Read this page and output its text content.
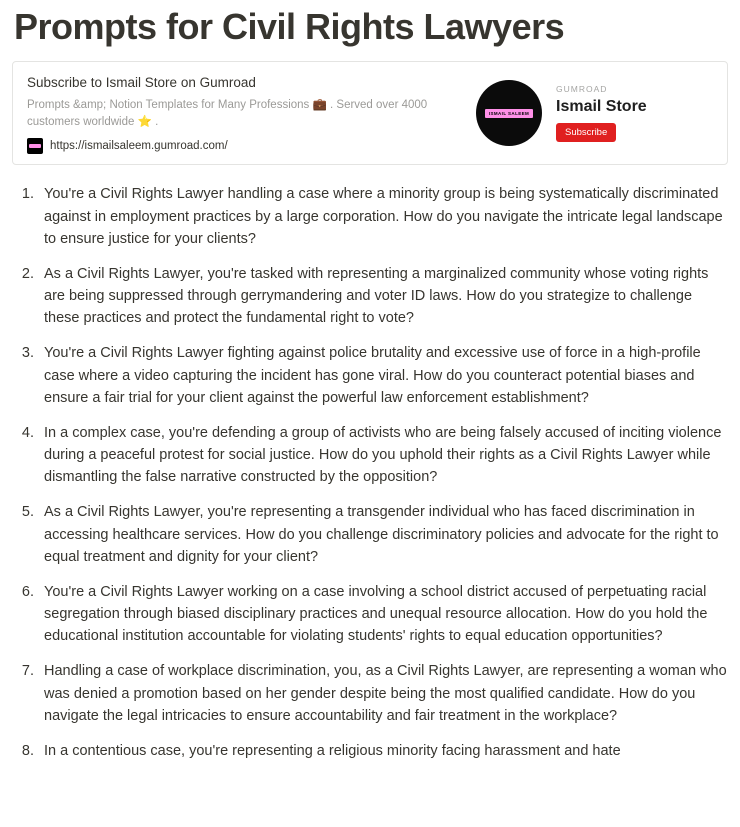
Prompts for Civil Rights Lawyers
Subscribe to Ismail Store on Gumroad
Prompts &amp; Notion Templates for Many Professions 💼 . Served over 4000 customers worldwide ⭐ .
https://ismailsaleem.gumroad.com/
ISMAIL SALEEM
GUMROAD
Ismail Store
Subscribe
1. You're a Civil Rights Lawyer handling a case where a minority group is being systematically discriminated against in employment practices by a large corporation. How do you navigate the intricate legal landscape to ensure justice for your clients?
2. As a Civil Rights Lawyer, you're tasked with representing a marginalized community whose voting rights are being suppressed through gerrymandering and voter ID laws. How do you strategize to challenge these practices and protect the fundamental right to vote?
3. You're a Civil Rights Lawyer fighting against police brutality and excessive use of force in a high-profile case where a video capturing the incident has gone viral. How do you counteract potential biases and ensure a fair trial for your client against the powerful law enforcement establishment?
4. In a complex case, you're defending a group of activists who are being falsely accused of inciting violence during a peaceful protest for social justice. How do you uphold their rights as a Civil Rights Lawyer while dismantling the false narrative constructed by the opposition?
5. As a Civil Rights Lawyer, you're representing a transgender individual who has faced discrimination in accessing healthcare services. How do you challenge discriminatory policies and advocate for the right to equal treatment and dignity for your client?
6. You're a Civil Rights Lawyer working on a case involving a school district accused of perpetuating racial segregation through biased disciplinary practices and unequal resource allocation. How do you hold the educational institution accountable for violating students' rights to equal education opportunities?
7. Handling a case of workplace discrimination, you, as a Civil Rights Lawyer, are representing a woman who was denied a promotion based on her gender despite being the most qualified candidate. How do you navigate the legal intricacies to ensure accountability and fair treatment in the workplace?
8. In a contentious case, you're representing a religious minority facing harassment and hate
